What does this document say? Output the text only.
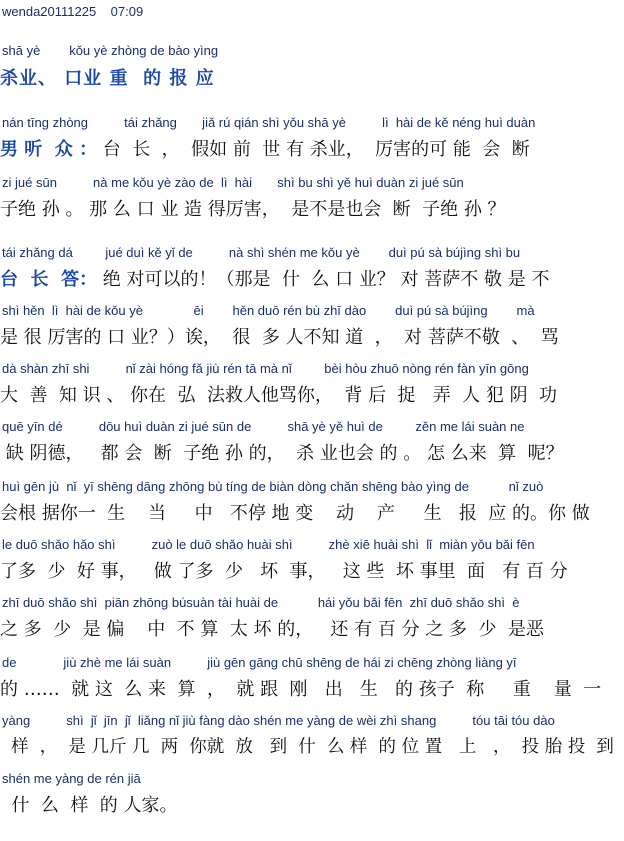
wenda20111225    07:09
shā yè        kǒu yè zhòng de bào yìng
杀业、 口业 重  的 报 应
nán tīng zhòng          tái zhǎng       jiǎ rú qián shì yǒu shā yè          lì  hài de kě néng huì duàn
男 听  众 ： 台  长  ，  假如 前  世 有 杀业，  厉害的可 能  会  断
zi jué sūn          nà me kǒu yè zào de  lì  hài       shì bu shì yě huì duàn zi jué sūn
子绝 孙 。 那 么 口 业 造 得厉害，  是不是也会  断  子绝 孙 ？
tái zhǎng dá         jué duì kě yǐ de          nà shì shén me kǒu yè        duì pú sà bújìng shì bu
台  长  答： 绝 对可以的！（那是  什  么 口 业？ 对 菩萨不 敬 是 不
shì hěn  lì  hài de kǒu yè              ēi        hěn duō rén bù zhī dào        duì pú sà bújìng        mà
是 很 厉害的 口 业？）诶，  很  多 人不知 道  ，  对 菩萨不敬  、  骂
dà shàn zhī shi          nǐ zài hóng fǎ jiù rén tā mà nǐ         bèi hòu zhuō nòng rén fàn yīn gōng
大  善  知 识 、 你在  弘  法救人他骂你，  背 后  捉   弄  人 犯 阴  功
quē yīn dé          dōu huì duàn zi jué sūn de          shā yè yě huì de         zěn me lái suàn ne
缺 阴德，   都 会  断  子绝 孙 的，  杀 业也会 的 。 怎 么来  算  呢？
huì gēn jù  nǐ  yī shēng dāng zhōng bù tíng de biàn dòng chǎn shēng bào yìng de           nǐ zuò
会根 据你一  生    当     中   不停 地 变    动    产     生   报  应 的。你 做
le duō shǎo hǎo shì          zuò le duō shǎo huài shì          zhè xiē huài shì  lǐ  miàn yǒu bǎi fēn
了多  少  好 事，   做 了多  少   坏  事，   这 些  坏 事里  面   有 百 分
zhī duō shǎo shì  piān zhōng búsuàn tài huài de           hái yǒu bǎi fēn  zhī duō shǎo shì  è
之 多  少  是 偏    中  不 算  太 坏 的，   还 有 百 分 之 多  少  是恶
de             jiù zhè me lái suàn          jiù gēn gāng chū shēng de hái zi chēng zhòng liàng yī
的 ……  就 这  么 来  算  ，  就 跟  刚   出   生   的 孩子  称     重    量  一
yàng          shì  jǐ  jīn  jǐ  liǎng nǐ jiù fàng dào shén me yàng de wèi zhì shang          tóu tāi tóu dào
样  ，  是 几斤 几  两  你就  放   到  什  么 样  的 位 置   上   ，  投 胎 投  到
shén me yàng de rén jiā
什  么  样  的 人家。
